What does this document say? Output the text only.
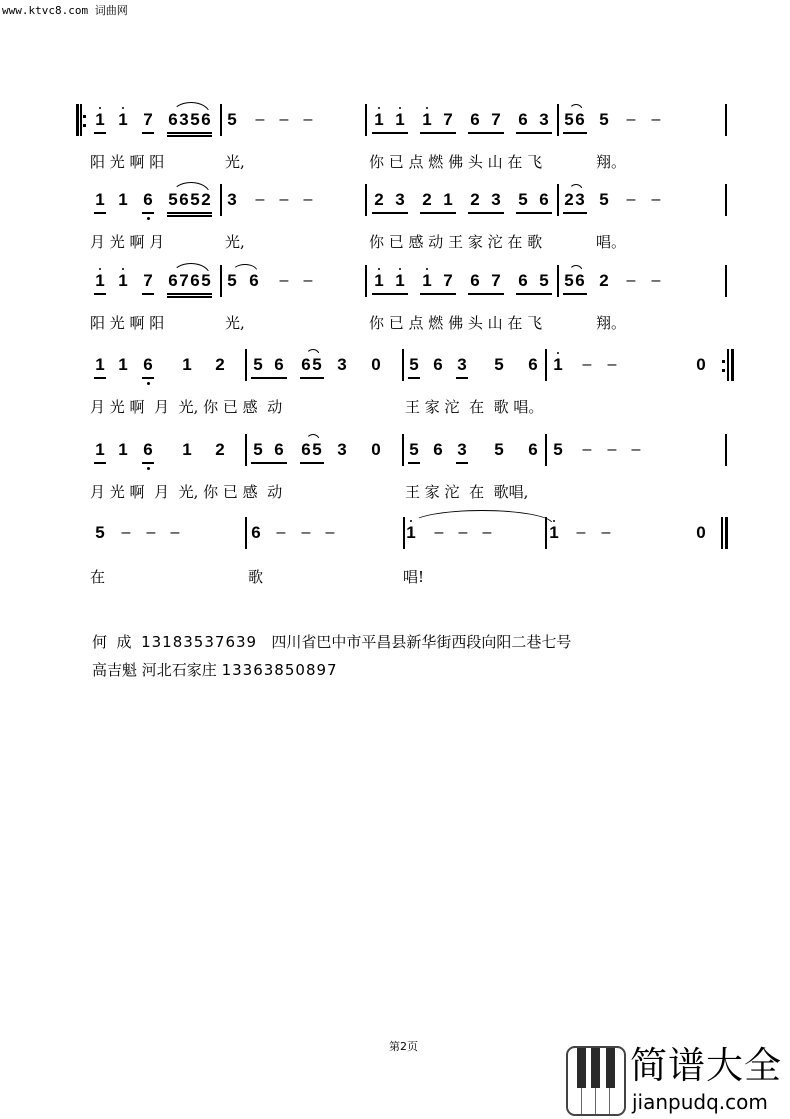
www.ktvc8.com 词曲网
1 1 7 6 3 5 6 5 – – –	1 1 1 7 6 7 6 3 5 6 5 – –
阳 光 啊 阳	光,	你 已 点 燃 佛 头 山 在 飞	翔。
1 1 6 5 6 5 2 3 – – –	2 3 2 1 2 3 5 6 2 3 5 – –
月 光 啊 月	光,	你 已 感 动 王 家 沱 在 歌	唱。
1 1 7 6 7 6 5 5 6 – –	1 1 1 7 6 7 6 5 5 6 2 – –
阳 光 啊 阳	光,	你 已 点 燃 佛 头 山 在 飞	翔。
1 1 6 1 2 5 6 6 5 3 0 5 6 3 5 6 1 – –	0
月 光 啊  月  光, 你 已 感  动	王 家 沱  在  歌 唱。
1 1 6 1 2 5 6 6 5 3 0 5 6 3 5 6 5 – – –
月 光 啊  月  光, 你 已 感  动	王 家 沱  在  歌唱,
5 – – –	6 – – –	1 – – –	1 – –	0
在	歌	唱!
何  成 13183537639 四川省巴中市平昌县新华街西段向阳二巷七号
高吉魁 河北石家庄 13363850897
第2页	简谱大全
jianpudq.com
